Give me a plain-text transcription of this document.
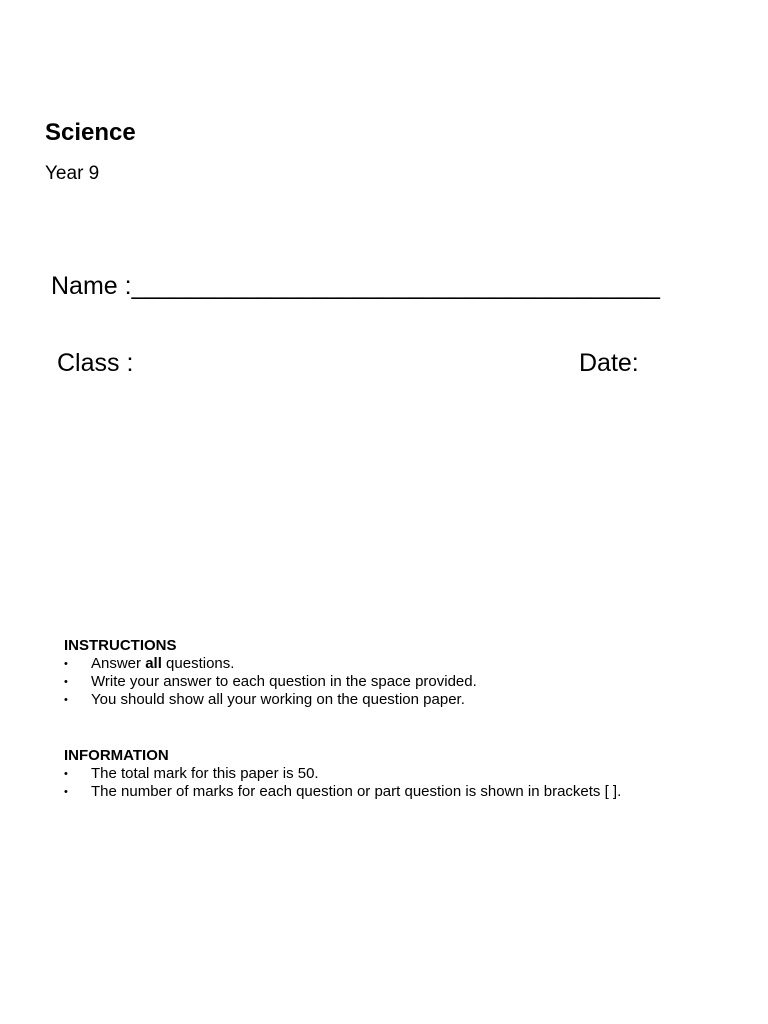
Science
Year 9
Name :______________________________________
Class :	Date:
INSTRUCTIONS
• Answer all questions.
• Write your answer to each question in the space provided.
• You should show all your working on the question paper.
INFORMATION
• The total mark for this paper is 50.
• The number of marks for each question or part question is shown in brackets [ ].
